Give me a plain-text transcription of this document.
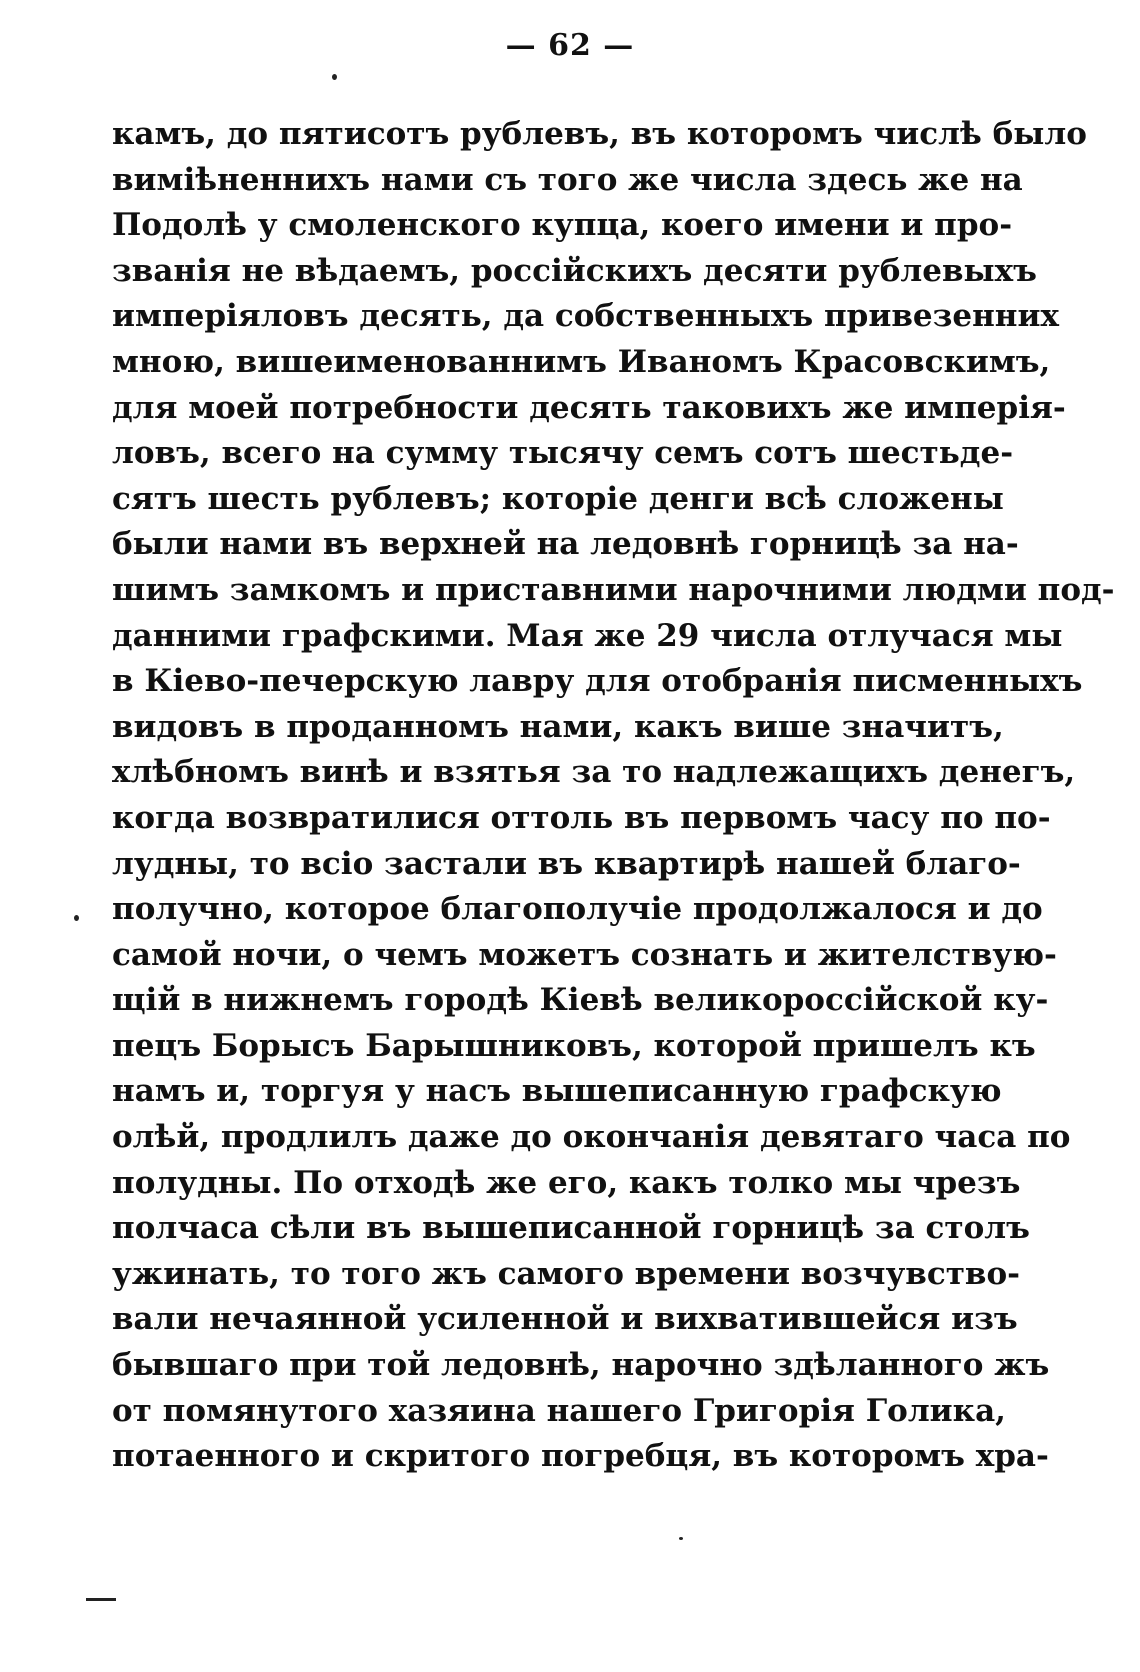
— 62 —
камъ, до пятисотъ рублевъ, въ которомъ числѣ было
виміѣненнихъ нами съ того же числа здесь же на
Подолѣ у смоленского купца, коего имени и про-
званія не вѣдаемъ, россійскихъ десяти рублевыхъ
имперіяловъ десять, да собственныхъ привезенних
мною, вишеименованнимъ Иваномъ Красовскимъ,
для моей потребности десять таковихъ же имперія-
ловъ, всего на сумму тысячу семъ сотъ шестьде-
сятъ шесть рублевъ; которіе денги всѣ сложены
были нами въ верхней на ледовнѣ горницѣ за на-
шимъ замкомъ и приставними нарочними людми под-
данними графскими. Мая же 29 числа отлучася мы
в Кіево-печерскую лавру для отобранія писменныхъ
видовъ в проданномъ нами, какъ више значитъ,
хлѣбномъ винѣ и взятья за то надлежащихъ денегъ,
когда возвратилися оттоль въ первомъ часу по по-
лудны, то всіо застали въ квартирѣ нашей благо-
получно, которое благополучіе продолжалося и до
самой ночи, о чемъ можетъ сознать и жителствую-
щій в нижнемъ городѣ Кіевѣ великороссійской ку-
пецъ Борысъ Барышниковъ, которой пришелъ къ
намъ и, торгуя у насъ вышеписанную графскую
олѣй, продлилъ даже до окончанія девятаго часа по
полудны. По отходѣ же его, какъ толко мы чрезъ
полчаса сѣли въ вышеписанной горницѣ за столъ
ужинать, то того жъ самого времени возчувство-
вали нечаянной усиленной и вихватившейся изъ
бывшаго при той ледовнѣ, нарочно здѣланного жъ
от помянутого хазяина нашего Григорія Голика,
потаенного и скритого погребця, въ которомъ хра-
